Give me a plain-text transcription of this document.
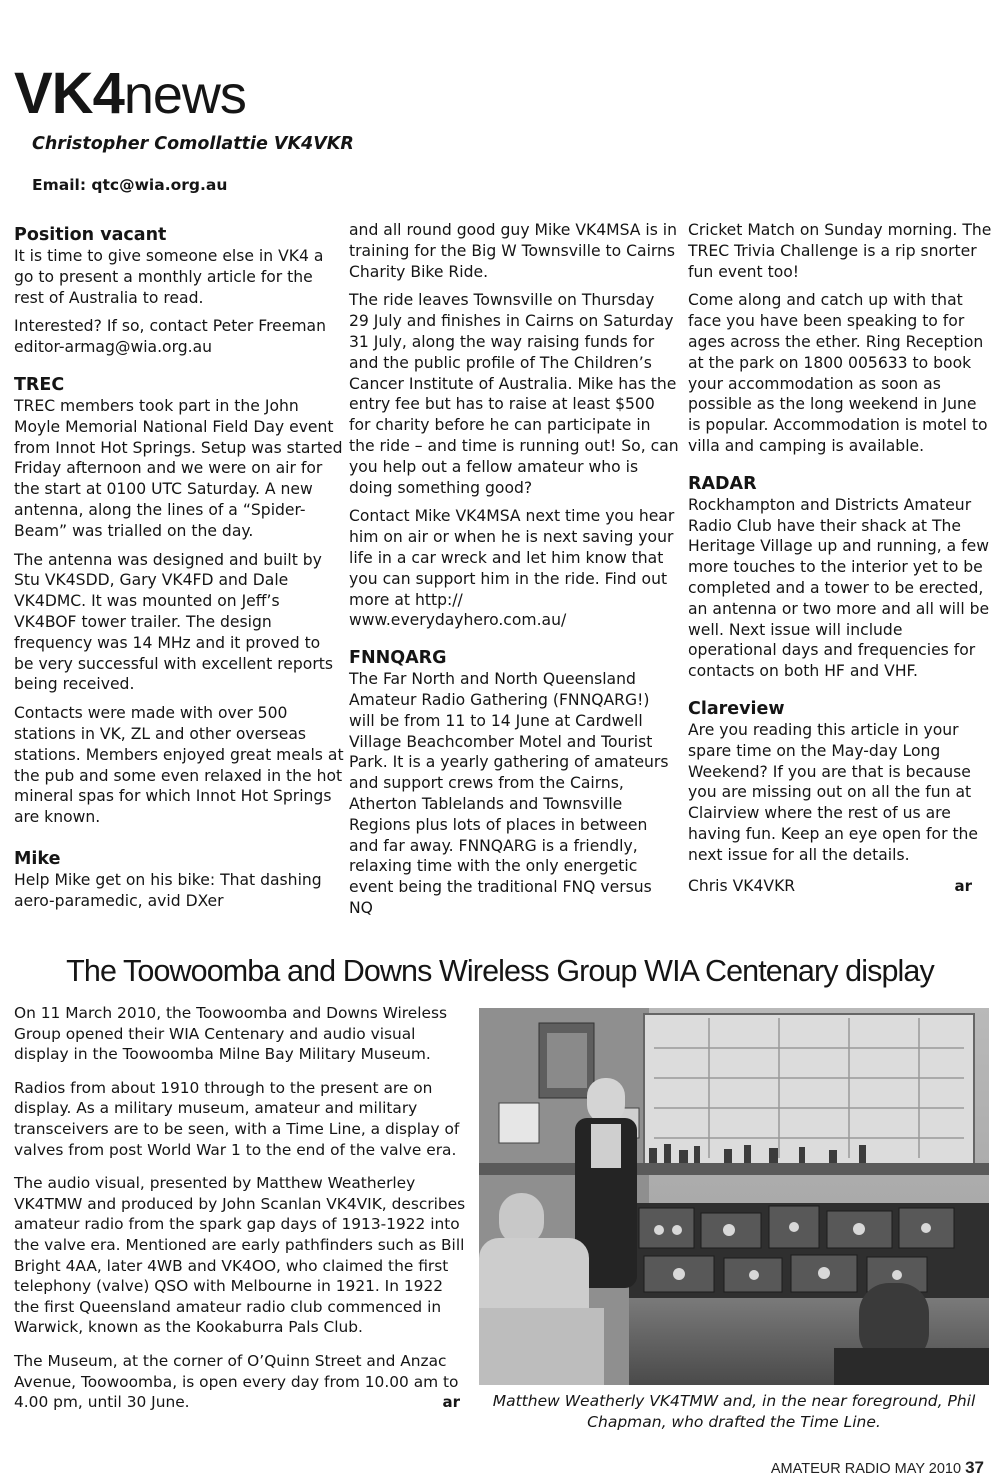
VK4news
Christopher Comollattie VK4VKR
Email: qtc@wia.org.au
Position vacant

It is time to give someone else in VK4 a go to present a monthly article for the rest of Australia to read.

Interested? If so, contact Peter Freeman editor-armag@wia.org.au

TREC

TREC members took part in the John Moyle Memorial National Field Day event from Innot Hot Springs. Setup was started Friday afternoon and we were on air for the start at 0100 UTC Saturday. A new antenna, along the lines of a “Spider-Beam” was trialled on the day.

The antenna was designed and built by Stu VK4SDD, Gary VK4FD and Dale VK4DMC. It was mounted on Jeff’s VK4BOF tower trailer. The design frequency was 14 MHz and it proved to be very successful with excellent reports being received.

Contacts were made with over 500 stations in VK, ZL and other overseas stations. Members enjoyed great meals at the pub and some even relaxed in the hot mineral spas for which Innot Hot Springs are known.

Mike

Help Mike get on his bike: That dashing aero-paramedic, avid DXer

and all round good guy Mike VK4MSA is in training for the Big W Townsville to Cairns Charity Bike Ride.

The ride leaves Townsville on Thursday 29 July and finishes in Cairns on Saturday 31 July, along the way raising funds for and the public profile of The Children’s Cancer Institute of Australia. Mike has the entry fee but has to raise at least $500 for charity before he can participate in the ride – and time is running out! So, can you help out a fellow amateur who is doing something good?

Contact Mike VK4MSA next time you hear him on air or when he is next saving your life in a car wreck and let him know that you can support him in the ride. Find out more at http:// www.everydayhero.com.au/

FNNQARG

The Far North and North Queensland Amateur Radio Gathering (FNNQARG!) will be from 11 to 14 June at Cardwell Village Beachcomber Motel and Tourist Park. It is a yearly gathering of amateurs and support crews from the Cairns, Atherton Tablelands and Townsville Regions plus lots of places in between and far away. FNNQARG is a friendly, relaxing time with the only energetic event being the traditional FNQ versus NQ

Cricket Match on Sunday morning. The TREC Trivia Challenge is a rip snorter fun event too!

Come along and catch up with that face you have been speaking to for ages across the ether. Ring Reception at the park on 1800 005633 to book your accommodation as soon as possible as the long weekend in June is popular. Accommodation is motel to villa and camping is available.

RADAR

Rockhampton and Districts Amateur Radio Club have their shack at The Heritage Village up and running, a few more touches to the interior yet to be completed and a tower to be erected, an antenna or two more and all will be well. Next issue will include operational days and frequencies for contacts on both HF and VHF.

Clareview

Are you reading this article in your spare time on the May-day Long Weekend? If you are that is because you are missing out on all the fun at Clairview where the rest of us are having fun. Keep an eye open for the next issue for all the details.

Chris VK4VKR	ar
The Toowoomba and Downs Wireless Group WIA Centenary display

On 11 March 2010, the Toowoomba and Downs Wireless Group opened their WIA Centenary and audio visual display in the Toowoomba Milne Bay Military Museum.

Radios from about 1910 through to the present are on display. As a military museum, amateur and military transceivers are to be seen, with a Time Line, a display of valves from post World War 1 to the end of the valve era.

The audio visual, presented by Matthew Weatherley VK4TMW and produced by John Scanlan VK4VIK, describes amateur radio from the spark gap days of 1913-1922 into the valve era. Mentioned are early pathfinders such as Bill Bright 4AA, later 4WB and VK4OO, who claimed the first telephony (valve) QSO with Melbourne in 1921. In 1922 the first Queensland amateur radio club commenced in Warwick, known as the Kookaburra Pals Club.

The Museum, at the corner of O’Quinn Street and Anzac Avenue, Toowoomba, is open every day from 10.00 am to

4.00 pm, until 30 June.	ar	Matthew Weatherly VK4TMW and, in the near foreground, Phil Chapman, who drafted the Time Line.
AMATEUR RADIO MAY 2010 37
